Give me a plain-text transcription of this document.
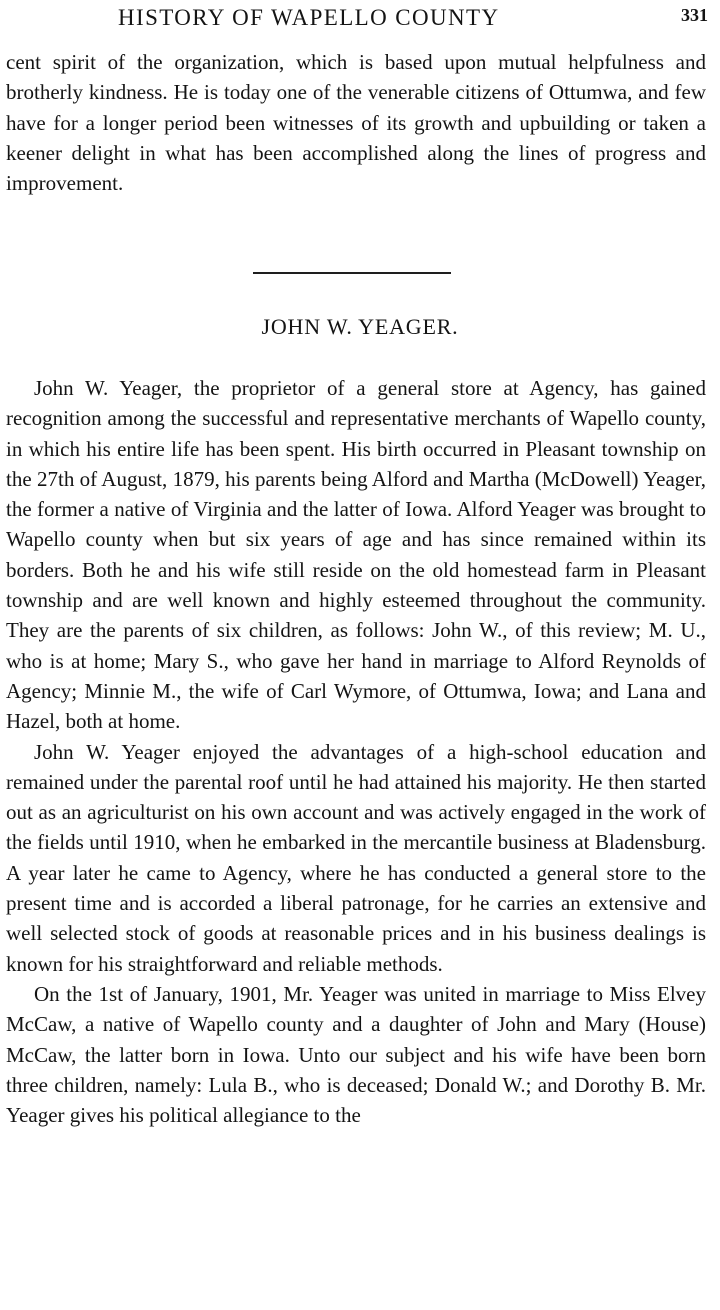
HISTORY OF WAPELLO COUNTY	331

cent spirit of the organization, which is based upon mutual helpfulness and brotherly kindness. He is today one of the venerable citizens of Ottumwa, and few have for a longer period been witnesses of its growth and upbuilding or taken a keener delight in what has been accomplished along the lines of progress and improvement.

JOHN W. YEAGER.

John W. Yeager, the proprietor of a general store at Agency, has gained recognition among the successful and representative merchants of Wapello county, in which his entire life has been spent. His birth occurred in Pleasant township on the 27th of August, 1879, his parents being Alford and Martha (McDowell) Yeager, the former a native of Virginia and the latter of Iowa. Alford Yeager was brought to Wapello county when but six years of age and has since remained within its borders. Both he and his wife still reside on the old homestead farm in Pleasant township and are well known and highly esteemed throughout the community. They are the parents of six children, as follows: John W., of this review; M. U., who is at home; Mary S., who gave her hand in marriage to Alford Reynolds of Agency; Minnie M., the wife of Carl Wymore, of Ottumwa, Iowa; and Lana and Hazel, both at home.

John W. Yeager enjoyed the advantages of a high-school education and remained under the parental roof until he had attained his majority. He then started out as an agriculturist on his own account and was actively engaged in the work of the fields until 1910, when he embarked in the mercantile business at Bladensburg. A year later he came to Agency, where he has conducted a general store to the present time and is accorded a liberal patronage, for he carries an extensive and well selected stock of goods at reasonable prices and in his business dealings is known for his straightforward and reliable methods.

On the 1st of January, 1901, Mr. Yeager was united in marriage to Miss Elvey McCaw, a native of Wapello county and a daughter of John and Mary (House) McCaw, the latter born in Iowa. Unto our subject and his wife have been born three children, namely: Lula B., who is deceased; Donald W.; and Dorothy B. Mr. Yeager gives his political allegiance to the
